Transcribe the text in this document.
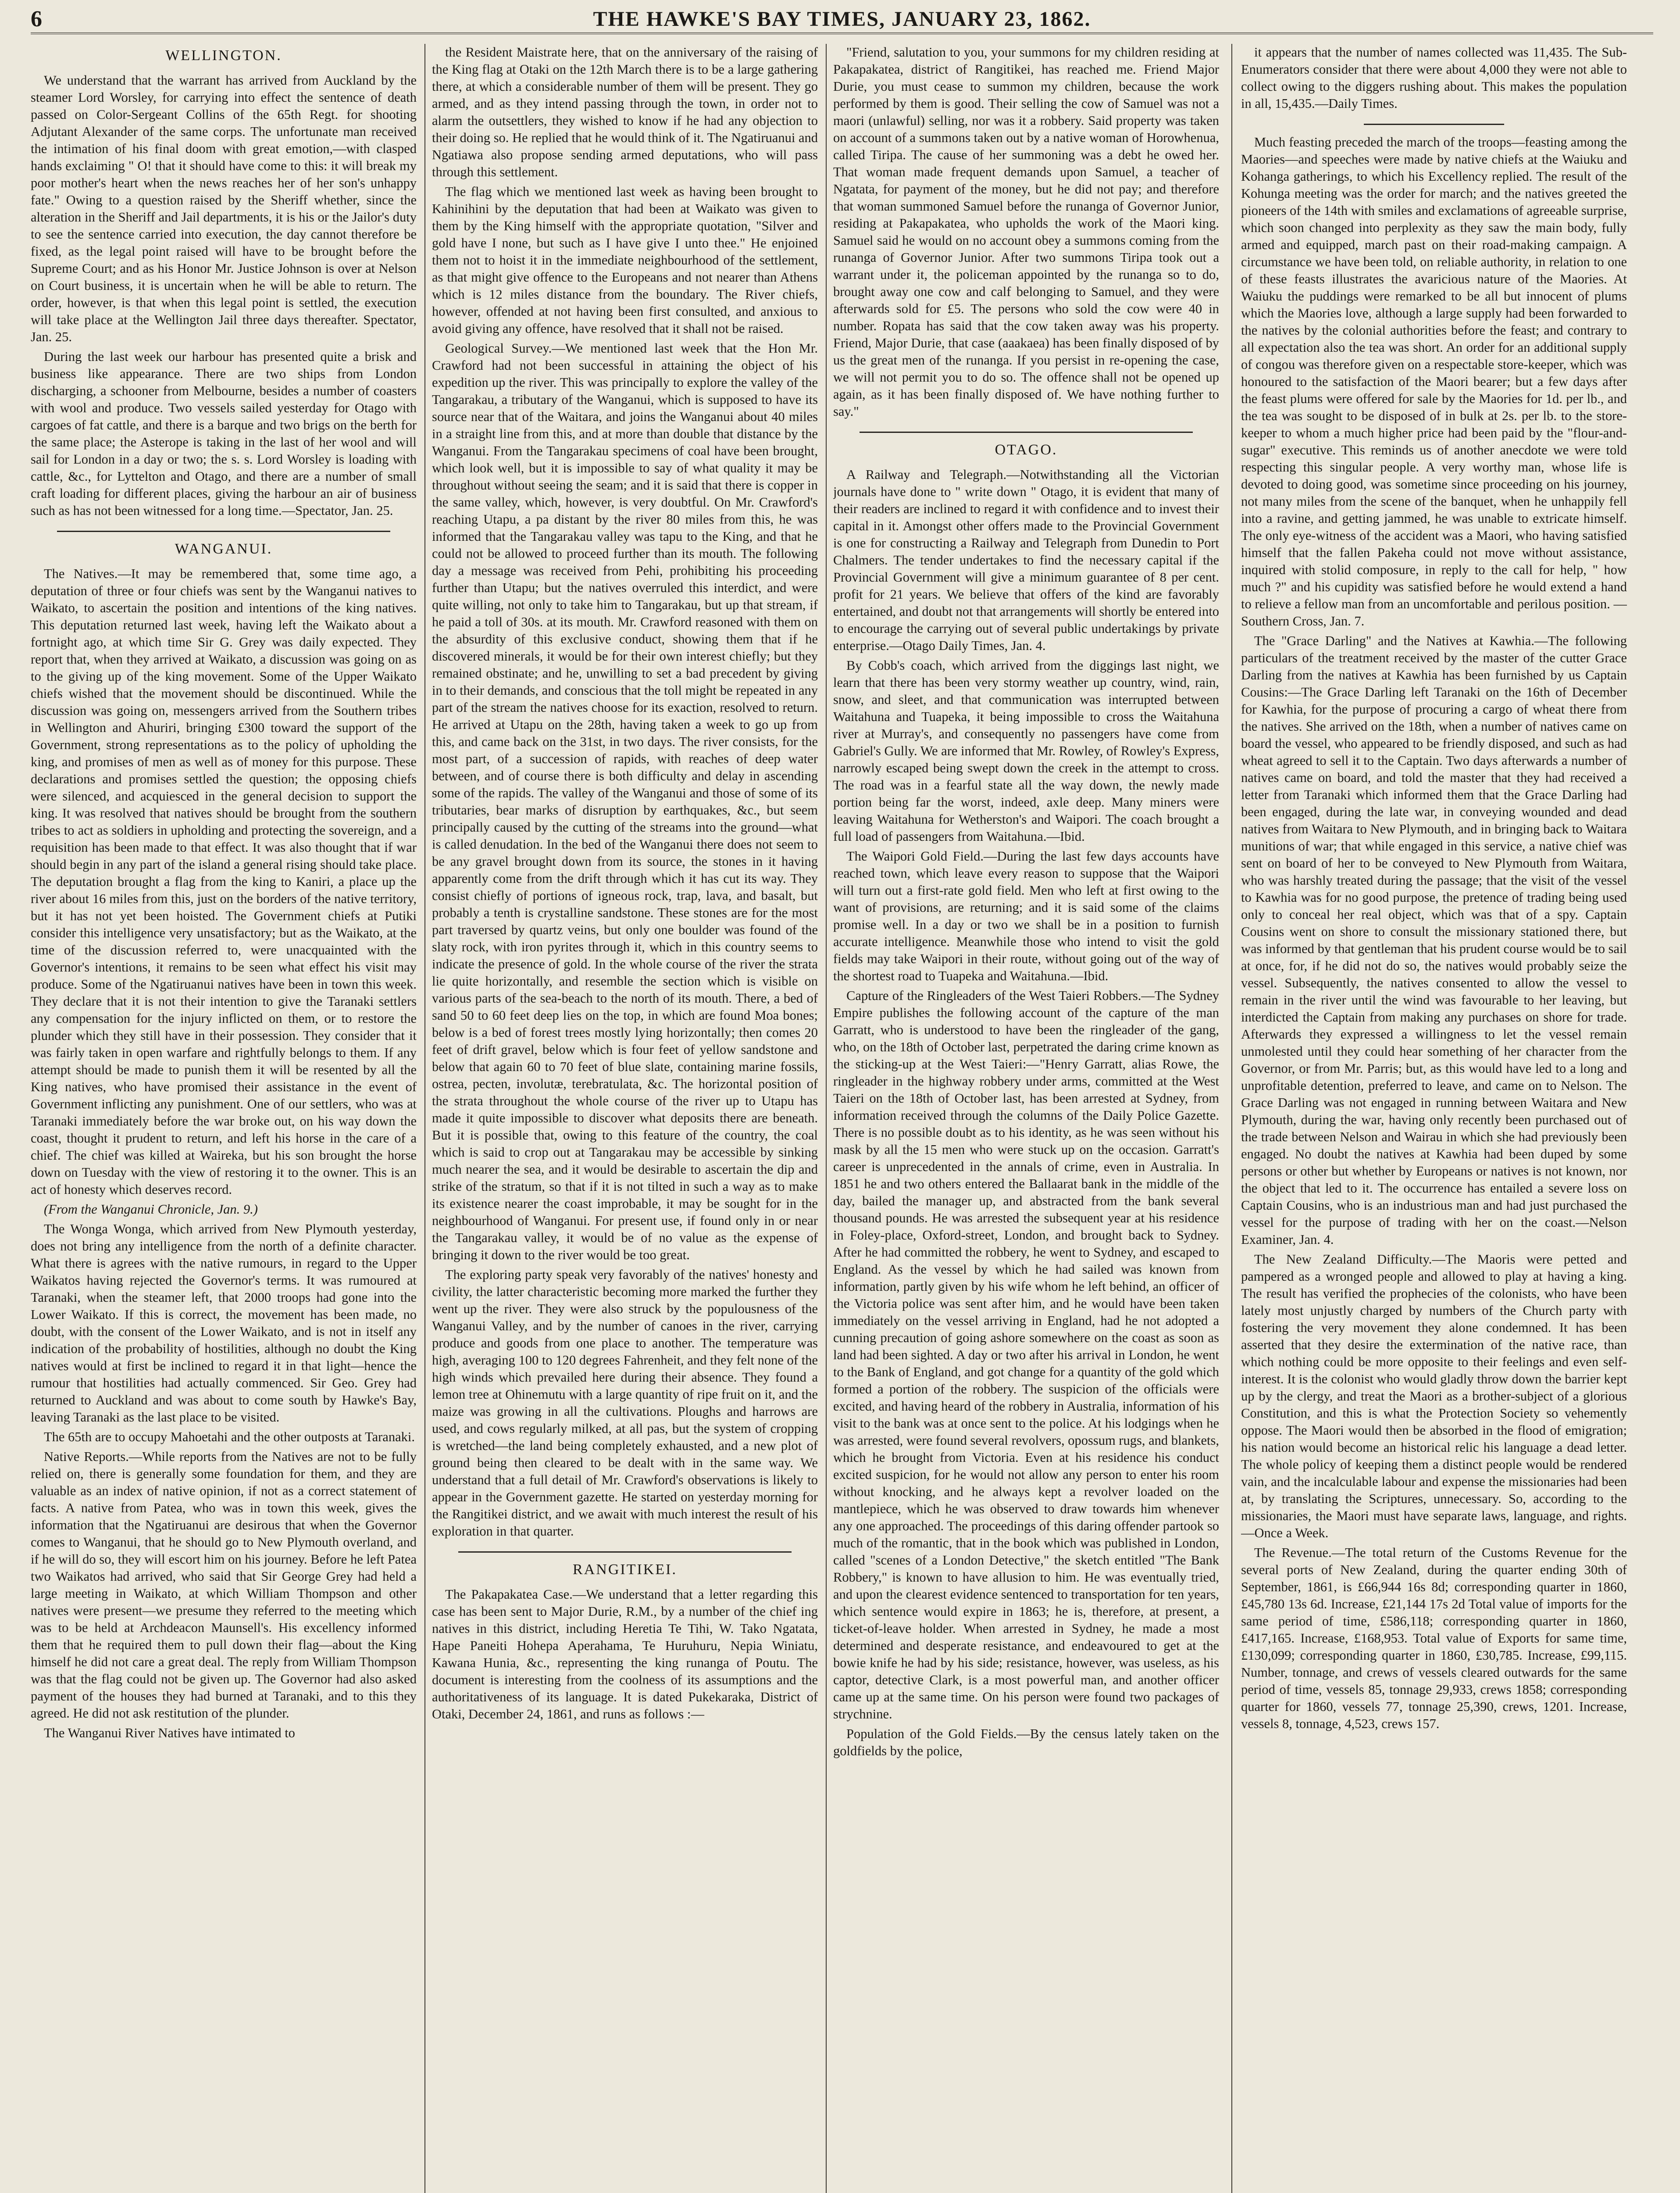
6	THE HAWKE'S BAY TIMES, JANUARY 23, 1862.
WELLINGTON.

We understand that the warrant has arrived from Auckland by the steamer Lord Worsley, for carrying into effect the sentence of death passed on Color-Sergeant Collins of the 65th Regt. for shooting Adjutant Alexander of the same corps. The unfortunate man received the intimation of his final doom with great emotion,—with clasped hands exclaiming " O! that it should have come to this: it will break my poor mother's heart when the news reaches her of her son's unhappy fate." Owing to a question raised by the Sheriff whether, since the alteration in the Sheriff and Jail departments, it is his or the Jailor's duty to see the sentence carried into execution, the day cannot therefore be fixed, as the legal point raised will have to be brought before the Supreme Court; and as his Honor Mr. Justice Johnson is over at Nelson on Court business, it is uncertain when he will be able to return. The order, however, is that when this legal point is settled, the execution will take place at the Wellington Jail three days thereafter. Spectator, Jan. 25.

During the last week our harbour has presented quite a brisk and business like appearance. There are two ships from London discharging, a schooner from Melbourne, besides a number of coasters with wool and produce. Two vessels sailed yesterday for Otago with cargoes of fat cattle, and there is a barque and two brigs on the berth for the same place; the Asterope is taking in the last of her wool and will sail for London in a day or two; the s. s. Lord Worsley is loading with cattle, &c., for Lyttelton and Otago, and there are a number of small craft loading for different places, giving the harbour an air of business such as has not been witnessed for a long time.—Spectator, Jan. 25.

WANGANUI.

The Natives.—It may be remembered that, some time ago, a deputation of three or four chiefs was sent by the Wanganui natives to Waikato, to ascertain the position and intentions of the king natives. This deputation returned last week, having left the Waikato about a fortnight ago, at which time Sir G. Grey was daily expected. They report that, when they arrived at Waikato, a discussion was going on as to the giving up of the king movement. Some of the Upper Waikato chiefs wished that the movement should be discontinued. While the discussion was going on, messengers arrived from the Southern tribes in Wellington and Ahuriri, bringing £300 toward the support of the Government, strong representations as to the policy of upholding the king, and promises of men as well as of money for this purpose. These declarations and promises settled the question; the opposing chiefs were silenced, and acquiesced in the general decision to support the king. It was resolved that natives should be brought from the southern tribes to act as soldiers in upholding and protecting the sovereign, and a requisition has been made to that effect. It was also thought that if war should begin in any part of the island a general rising should take place. The deputation brought a flag from the king to Kaniri, a place up the river about 16 miles from this, just on the borders of the native territory, but it has not yet been hoisted. The Government chiefs at Putiki consider this intelligence very unsatisfactory; but as the Waikato, at the time of the discussion referred to, were unacquainted with the Governor's intentions, it remains to be seen what effect his visit may produce. Some of the Ngatiruanui natives have been in town this week. They declare that it is not their intention to give the Taranaki settlers any compensation for the injury inflicted on them, or to restore the plunder which they still have in their possession. They consider that it was fairly taken in open warfare and rightfully belongs to them. If any attempt should be made to punish them it will be resented by all the King natives, who have promised their assistance in the event of Government inflicting any punishment. One of our settlers, who was at Taranaki immediately before the war broke out, on his way down the coast, thought it prudent to return, and left his horse in the care of a chief. The chief was killed at Waireka, but his son brought the horse down on Tuesday with the view of restoring it to the owner. This is an act of honesty which deserves record.

(From the Wanganui Chronicle, Jan. 9.)

The Wonga Wonga, which arrived from New Plymouth yesterday, does not bring any intelligence from the north of a definite character. What there is agrees with the native rumours, in regard to the Upper Waikatos having rejected the Governor's terms. It was rumoured at Taranaki, when the steamer left, that 2000 troops had gone into the Lower Waikato. If this is correct, the movement has been made, no doubt, with the consent of the Lower Waikato, and is not in itself any indication of the probability of hostilities, although no doubt the King natives would at first be inclined to regard it in that light—hence the rumour that hostilities had actually commenced. Sir Geo. Grey had returned to Auckland and was about to come south by Hawke's Bay, leaving Taranaki as the last place to be visited.

The 65th are to occupy Mahoetahi and the other outposts at Taranaki.

Native Reports.—While reports from the Natives are not to be fully relied on, there is generally some foundation for them, and they are valuable as an index of native opinion, if not as a correct statement of facts. A native from Patea, who was in town this week, gives the information that the Ngatiruanui are desirous that when the Governor comes to Wanganui, that he should go to New Plymouth overland, and if he will do so, they will escort him on his journey. Before he left Patea two Waikatos had arrived, who said that Sir George Grey had held a large meeting in Waikato, at which William Thompson and other natives were present—we presume they referred to the meeting which was to be held at Archdeacon Maunsell's. His excellency informed them that he required them to pull down their flag—about the King himself he did not care a great deal. The reply from William Thompson was that the flag could not be given up. The Governor had also asked payment of the houses they had burned at Taranaki, and to this they agreed. He did not ask restitution of the plunder.

The Wanganui River Natives have intimated to

the Resident Maistrate here, that on the anniversary of the raising of the King flag at Otaki on the 12th March there is to be a large gathering there, at which a considerable number of them will be present. They go armed, and as they intend passing through the town, in order not to alarm the outsettlers, they wished to know if he had any objection to their doing so. He replied that he would think of it. The Ngatiruanui and Ngatiawa also propose sending armed deputations, who will pass through this settlement.

The flag which we mentioned last week as having been brought to Kahinihini by the deputation that had been at Waikato was given to them by the King himself with the appropriate quotation, "Silver and gold have I none, but such as I have give I unto thee." He enjoined them not to hoist it in the immediate neighbourhood of the settlement, as that might give offence to the Europeans and not nearer than Athens which is 12 miles distance from the boundary. The River chiefs, however, offended at not having been first consulted, and anxious to avoid giving any offence, have resolved that it shall not be raised.

Geological Survey.—We mentioned last week that the Hon Mr. Crawford had not been successful in attaining the object of his expedition up the river. This was principally to explore the valley of the Tangarakau, a tributary of the Wanganui, which is supposed to have its source near that of the Waitara, and joins the Wanganui about 40 miles in a straight line from this, and at more than double that distance by the Wanganui. From the Tangarakau specimens of coal have been brought, which look well, but it is impossible to say of what quality it may be throughout without seeing the seam; and it is said that there is copper in the same valley, which, however, is very doubtful. On Mr. Crawford's reaching Utapu, a pa distant by the river 80 miles from this, he was informed that the Tangarakau valley was tapu to the King, and that he could not be allowed to proceed further than its mouth. The following day a message was received from Pehi, prohibiting his proceeding further than Utapu; but the natives overruled this interdict, and were quite willing, not only to take him to Tangarakau, but up that stream, if he paid a toll of 30s. at its mouth. Mr. Crawford reasoned with them on the absurdity of this exclusive conduct, showing them that if he discovered minerals, it would be for their own interest chiefly; but they remained obstinate; and he, unwilling to set a bad precedent by giving in to their demands, and conscious that the toll might be repeated in any part of the stream the natives choose for its exaction, resolved to return. He arrived at Utapu on the 28th, having taken a week to go up from this, and came back on the 31st, in two days. The river consists, for the most part, of a succession of rapids, with reaches of deep water between, and of course there is both difficulty and delay in ascending some of the rapids. The valley of the Wanganui and those of some of its tributaries, bear marks of disruption by earthquakes, &c., but seem principally caused by the cutting of the streams into the ground—what is called denudation. In the bed of the Wanganui there does not seem to be any gravel brought down from its source, the stones in it having apparently come from the drift through which it has cut its way. They consist chiefly of portions of igneous rock, trap, lava, and basalt, but probably a tenth is crystalline sandstone. These stones are for the most part traversed by quartz veins, but only one boulder was found of the slaty rock, with iron pyrites through it, which in this country seems to indicate the presence of gold. In the whole course of the river the strata lie quite horizontally, and resemble the section which is visible on various parts of the sea-beach to the north of its mouth. There, a bed of sand 50 to 60 feet deep lies on the top, in which are found Moa bones; below is a bed of forest trees mostly lying horizontally; then comes 20 feet of drift gravel, below which is four feet of yellow sandstone and below that again 60 to 70 feet of blue slate, containing marine fossils, ostrea, pecten, involutæ, terebratulata, &c. The horizontal position of the strata throughout the whole course of the river up to Utapu has made it quite impossible to discover what deposits there are beneath. But it is possible that, owing to this feature of the country, the coal which is said to crop out at Tangarakau may be accessible by sinking much nearer the sea, and it would be desirable to ascertain the dip and strike of the stratum, so that if it is not tilted in such a way as to make its existence nearer the coast improbable, it may be sought for in the neighbourhood of Wanganui. For present use, if found only in or near the Tangarakau valley, it would be of no value as the expense of bringing it down to the river would be too great.

The exploring party speak very favorably of the natives' honesty and civility, the latter characteristic becoming more marked the further they went up the river. They were also struck by the populousness of the Wanganui Valley, and by the number of canoes in the river, carrying produce and goods from one place to another. The temperature was high, averaging 100 to 120 degrees Fahrenheit, and they felt none of the high winds which prevailed here during their absence. They found a lemon tree at Ohinemutu with a large quantity of ripe fruit on it, and the maize was growing in all the cultivations. Ploughs and harrows are used, and cows regularly milked, at all pas, but the system of cropping is wretched—the land being completely exhausted, and a new plot of ground being then cleared to be dealt with in the same way. We understand that a full detail of Mr. Crawford's observations is likely to appear in the Government gazette. He started on yesterday morning for the Rangitikei district, and we await with much interest the result of his exploration in that quarter.

RANGITIKEI.

The Pakapakatea Case.—We understand that a letter regarding this case has been sent to Major Durie, R.M., by a number of the chief ing natives in this district, including Heretia Te Tihi, W. Tako Ngatata, Hape Paneiti Hohepa Aperahama, Te Huruhuru, Nepia Winiatu, Kawana Hunia, &c., representing the king runanga of Poutu. The document is interesting from the coolness of its assumptions and the authoritativeness of its language. It is dated Pukekaraka, District of Otaki, December 24, 1861, and runs as follows :—

"Friend, salutation to you, your summons for my children residing at Pakapakatea, district of Rangitikei, has reached me. Friend Major Durie, you must cease to summon my children, because the work performed by them is good. Their selling the cow of Samuel was not a maori (unlawful) selling, nor was it a robbery. Said property was taken on account of a summons taken out by a native woman of Horowhenua, called Tiripa. The cause of her summoning was a debt he owed her. That woman made frequent demands upon Samuel, a teacher of Ngatata, for payment of the money, but he did not pay; and therefore that woman summoned Samuel before the runanga of Governor Junior, residing at Pakapakatea, who upholds the work of the Maori king. Samuel said he would on no account obey a summons coming from the runanga of Governor Junior. After two summons Tiripa took out a warrant under it, the policeman appointed by the runanga so to do, brought away one cow and calf belonging to Samuel, and they were afterwards sold for £5. The persons who sold the cow were 40 in number. Ropata has said that the cow taken away was his property. Friend, Major Durie, that case (aaakaea) has been finally disposed of by us the great men of the runanga. If you persist in re-opening the case, we will not permit you to do so. The offence shall not be opened up again, as it has been finally disposed of. We have nothing further to say."

OTAGO.

A Railway and Telegraph.—Notwithstanding all the Victorian journals have done to " write down " Otago, it is evident that many of their readers are inclined to regard it with confidence and to invest their capital in it. Amongst other offers made to the Provincial Government is one for constructing a Railway and Telegraph from Dunedin to Port Chalmers. The tender undertakes to find the necessary capital if the Provincial Government will give a minimum guarantee of 8 per cent. profit for 21 years. We believe that offers of the kind are favorably entertained, and doubt not that arrangements will shortly be entered into to encourage the carrying out of several public undertakings by private enterprise.—Otago Daily Times, Jan. 4.

By Cobb's coach, which arrived from the diggings last night, we learn that there has been very stormy weather up country, wind, rain, snow, and sleet, and that communication was interrupted between Waitahuna and Tuapeka, it being impossible to cross the Waitahuna river at Murray's, and consequently no passengers have come from Gabriel's Gully. We are informed that Mr. Rowley, of Rowley's Express, narrowly escaped being swept down the creek in the attempt to cross. The road was in a fearful state all the way down, the newly made portion being far the worst, indeed, axle deep. Many miners were leaving Waitahuna for Wetherston's and Waipori. The coach brought a full load of passengers from Waitahuna.—Ibid.

The Waipori Gold Field.—During the last few days accounts have reached town, which leave every reason to suppose that the Waipori will turn out a first-rate gold field. Men who left at first owing to the want of provisions, are returning; and it is said some of the claims promise well. In a day or two we shall be in a position to furnish accurate intelligence. Meanwhile those who intend to visit the gold fields may take Waipori in their route, without going out of the way of the shortest road to Tuapeka and Waitahuna.—Ibid.

Capture of the Ringleaders of the West Taieri Robbers.—The Sydney Empire publishes the following account of the capture of the man Garratt, who is understood to have been the ringleader of the gang, who, on the 18th of October last, perpetrated the daring crime known as the sticking-up at the West Taieri:—"Henry Garratt, alias Rowe, the ringleader in the highway robbery under arms, committed at the West Taieri on the 18th of October last, has been arrested at Sydney, from information received through the columns of the Daily Police Gazette. There is no possible doubt as to his identity, as he was seen without his mask by all the 15 men who were stuck up on the occasion. Garratt's career is unprecedented in the annals of crime, even in Australia. In 1851 he and two others entered the Ballaarat bank in the middle of the day, bailed the manager up, and abstracted from the bank several thousand pounds. He was arrested the subsequent year at his residence in Foley-place, Oxford-street, London, and brought back to Sydney. After he had committed the robbery, he went to Sydney, and escaped to England. As the vessel by which he had sailed was known from information, partly given by his wife whom he left behind, an officer of the Victoria police was sent after him, and he would have been taken immediately on the vessel arriving in England, had he not adopted a cunning precaution of going ashore somewhere on the coast as soon as land had been sighted. A day or two after his arrival in London, he went to the Bank of England, and got change for a quantity of the gold which formed a portion of the robbery. The suspicion of the officials were excited, and having heard of the robbery in Australia, information of his visit to the bank was at once sent to the police. At his lodgings when he was arrested, were found several revolvers, opossum rugs, and blankets, which he brought from Victoria. Even at his residence his conduct excited suspicion, for he would not allow any person to enter his room without knocking, and he always kept a revolver loaded on the mantlepiece, which he was observed to draw towards him whenever any one approached. The proceedings of this daring offender partook so much of the romantic, that in the book which was published in London, called "scenes of a London Detective," the sketch entitled "The Bank Robbery," is known to have allusion to him. He was eventually tried, and upon the clearest evidence sentenced to transportation for ten years, which sentence would expire in 1863; he is, therefore, at present, a ticket-of-leave holder. When arrested in Sydney, he made a most determined and desperate resistance, and endeavoured to get at the bowie knife he had by his side; resistance, however, was useless, as his captor, detective Clark, is a most powerful man, and another officer came up at the same time. On his person were found two packages of strychnine.

Population of the Gold Fields.—By the census lately taken on the goldfields by the police,

it appears that the number of names collected was 11,435. The Sub-Enumerators consider that there were about 4,000 they were not able to collect owing to the diggers rushing about. This makes the population in all, 15,435.—Daily Times.

Much feasting preceded the march of the troops—feasting among the Maories—and speeches were made by native chiefs at the Waiuku and Kohanga gatherings, to which his Excellency replied. The result of the Kohunga meeting was the order for march; and the natives greeted the pioneers of the 14th with smiles and exclamations of agreeable surprise, which soon changed into perplexity as they saw the main body, fully armed and equipped, march past on their road-making campaign. A circumstance we have been told, on reliable authority, in relation to one of these feasts illustrates the avaricious nature of the Maories. At Waiuku the puddings were remarked to be all but innocent of plums which the Maories love, although a large supply had been forwarded to the natives by the colonial authorities before the feast; and contrary to all expectation also the tea was short. An order for an additional supply of congou was therefore given on a respectable store-keeper, which was honoured to the satisfaction of the Maori bearer; but a few days after the feast plums were offered for sale by the Maories for 1d. per lb., and the tea was sought to be disposed of in bulk at 2s. per lb. to the store-keeper to whom a much higher price had been paid by the "flour-and-sugar" executive. This reminds us of another anecdote we were told respecting this singular people. A very worthy man, whose life is devoted to doing good, was sometime since proceeding on his journey, not many miles from the scene of the banquet, when he unhappily fell into a ravine, and getting jammed, he was unable to extricate himself. The only eye-witness of the accident was a Maori, who having satisfied himself that the fallen Pakeha could not move without assistance, inquired with stolid composure, in reply to the call for help, " how much ?" and his cupidity was satisfied before he would extend a hand to relieve a fellow man from an uncomfortable and perilous position. —Southern Cross, Jan. 7.

The "Grace Darling" and the Natives at Kawhia.—The following particulars of the treatment received by the master of the cutter Grace Darling from the natives at Kawhia has been furnished by us Captain Cousins:—The Grace Darling left Taranaki on the 16th of December for Kawhia, for the purpose of procuring a cargo of wheat there from the natives. She arrived on the 18th, when a number of natives came on board the vessel, who appeared to be friendly disposed, and such as had wheat agreed to sell it to the Captain. Two days afterwards a number of natives came on board, and told the master that they had received a letter from Taranaki which informed them that the Grace Darling had been engaged, during the late war, in conveying wounded and dead natives from Waitara to New Plymouth, and in bringing back to Waitara munitions of war; that while engaged in this service, a native chief was sent on board of her to be conveyed to New Plymouth from Waitara, who was harshly treated during the passage; that the visit of the vessel to Kawhia was for no good purpose, the pretence of trading being used only to conceal her real object, which was that of a spy. Captain Cousins went on shore to consult the missionary stationed there, but was informed by that gentleman that his prudent course would be to sail at once, for, if he did not do so, the natives would probably seize the vessel. Subsequently, the natives consented to allow the vessel to remain in the river until the wind was favourable to her leaving, but interdicted the Captain from making any purchases on shore for trade. Afterwards they expressed a willingness to let the vessel remain unmolested until they could hear something of her character from the Governor, or from Mr. Parris; but, as this would have led to a long and unprofitable detention, preferred to leave, and came on to Nelson. The Grace Darling was not engaged in running between Waitara and New Plymouth, during the war, having only recently been purchased out of the trade between Nelson and Wairau in which she had previously been engaged. No doubt the natives at Kawhia had been duped by some persons or other but whether by Europeans or natives is not known, nor the object that led to it. The occurrence has entailed a severe loss on Captain Cousins, who is an industrious man and had just purchased the vessel for the purpose of trading with her on the coast.—Nelson Examiner, Jan. 4.

The New Zealand Difficulty.—The Maoris were petted and pampered as a wronged people and allowed to play at having a king. The result has verified the prophecies of the colonists, who have been lately most unjustly charged by numbers of the Church party with fostering the very movement they alone condemned. It has been asserted that they desire the extermination of the native race, than which nothing could be more opposite to their feelings and even self-interest. It is the colonist who would gladly throw down the barrier kept up by the clergy, and treat the Maori as a brother-subject of a glorious Constitution, and this is what the Protection Society so vehemently oppose. The Maori would then be absorbed in the flood of emigration; his nation would become an historical relic his language a dead letter. The whole policy of keeping them a distinct people would be rendered vain, and the incalculable labour and expense the missionaries had been at, by translating the Scriptures, unnecessary. So, according to the missionaries, the Maori must have separate laws, language, and rights.—Once a Week.

The Revenue.—The total return of the Customs Revenue for the several ports of New Zealand, during the quarter ending 30th of September, 1861, is £66,944 16s 8d; corresponding quarter in 1860, £45,780 13s 6d. Increase, £21,144 17s 2d Total value of imports for the same period of time, £586,118; corresponding quarter in 1860, £417,165. Increase, £168,953. Total value of Exports for same time, £130,099; corresponding quarter in 1860, £30,785. Increase, £99,115. Number, tonnage, and crews of vessels cleared outwards for the same period of time, vessels 85, tonnage 29,933, crews 1858; corresponding quarter for 1860, vessels 77, tonnage 25,390, crews, 1201. Increase, vessels 8, tonnage, 4,523, crews 157.
